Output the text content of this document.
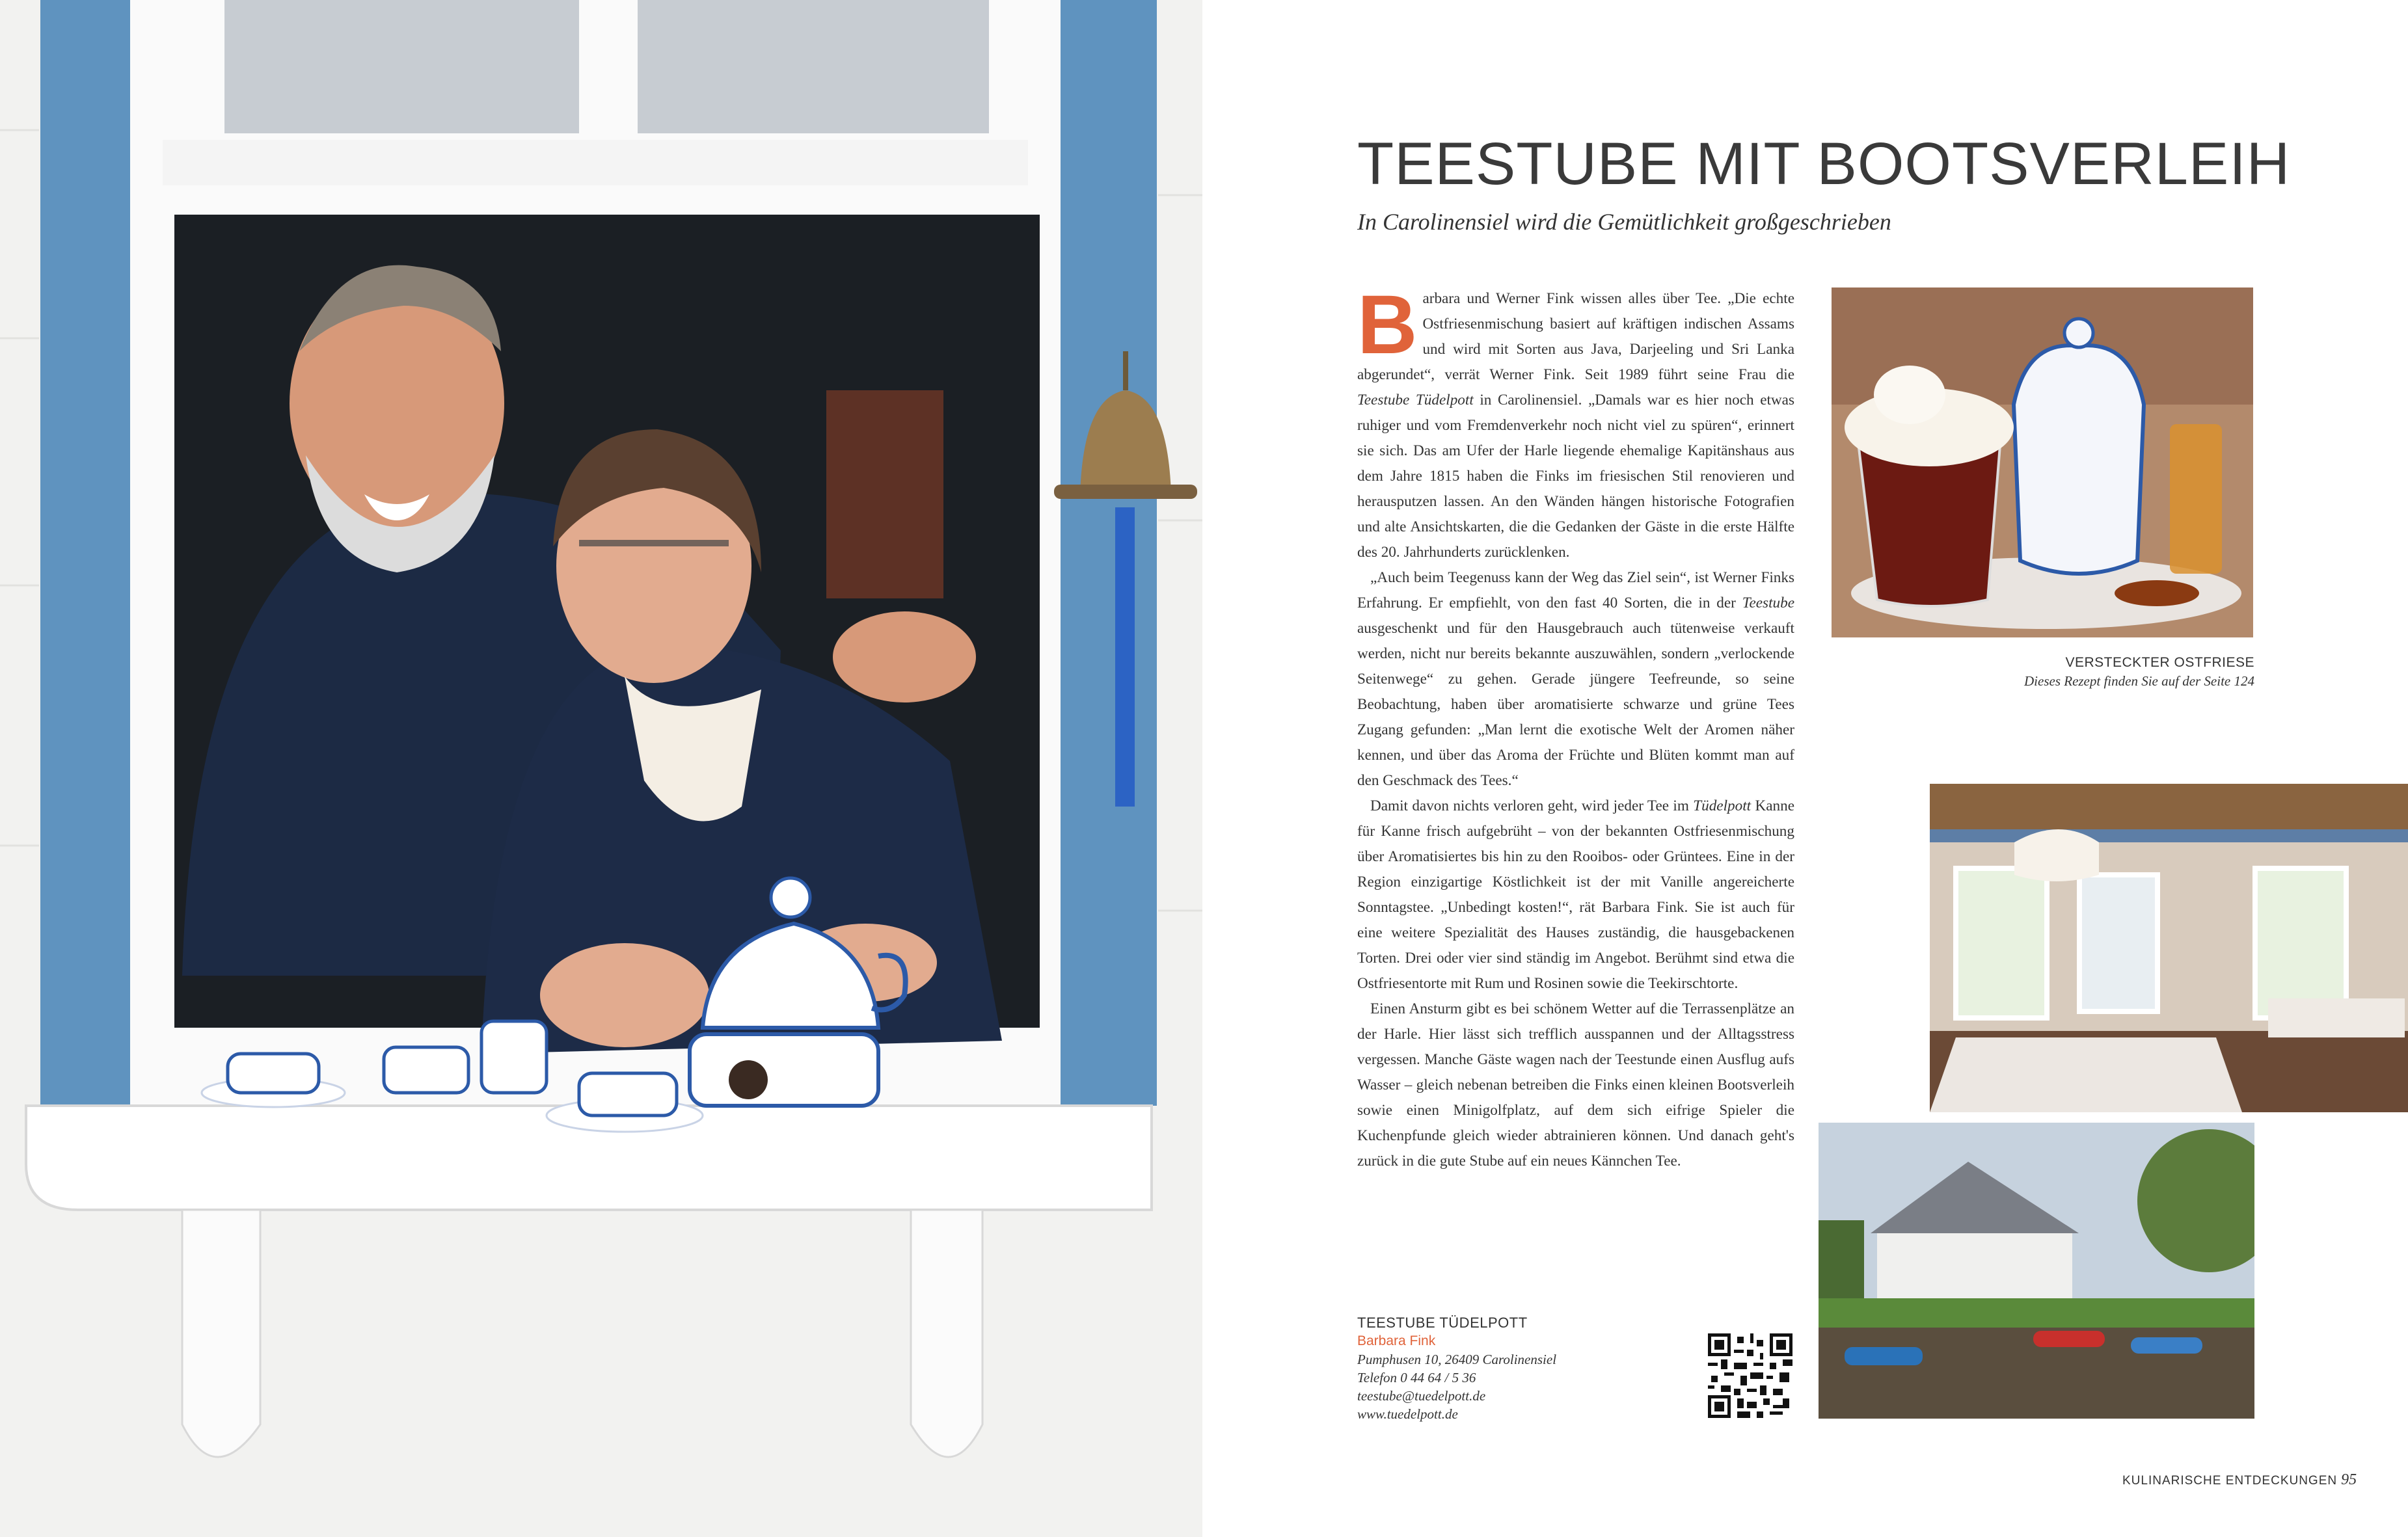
TEESTUBE MIT BOOTSVERLEIH
In Carolinensiel wird die Gemütlichkeit großgeschrieben

Barbara und Werner Fink wissen alles über Tee. „Die echte Ostfriesenmischung basiert auf kräftigen indischen Assams und wird mit Sorten aus Java, Darjeeling und Sri Lanka abgerundet“, verrät Werner Fink. Seit 1989 führt seine Frau die Teestube Tüdelpott in Carolinensiel. „Damals war es hier noch etwas ruhiger und vom Fremdenverkehr noch nicht viel zu spüren“, erinnert sie sich. Das am Ufer der Harle liegende ehemalige Kapitänshaus aus dem Jahre 1815 haben die Finks im friesischen Stil renovieren und herausputzen lassen. An den Wänden hängen historische Fotografien und alte Ansichtskarten, die die Gedanken der Gäste in die erste Hälfte des 20. Jahrhunderts zurücklenken.

„Auch beim Teegenuss kann der Weg das Ziel sein“, ist Werner Finks Erfahrung. Er empfiehlt, von den fast 40 Sorten, die in der Teestube ausgeschenkt und für den Hausgebrauch auch tütenweise verkauft werden, nicht nur bereits bekannte auszuwählen, sondern „verlockende Seitenwege“ zu gehen. Gerade jüngere Teefreunde, so seine Beobachtung, haben über aromatisierte schwarze und grüne Tees Zugang gefunden: „Man lernt die exotische Welt der Aromen näher kennen, und über das Aroma der Früchte und Blüten kommt man auf den Geschmack des Tees.“

Damit davon nichts verloren geht, wird jeder Tee im Tüdelpott Kanne für Kanne frisch aufgebrüht – von der bekannten Ostfriesenmischung über Aromatisiertes bis hin zu den Rooibos- oder Grüntees. Eine in der Region einzigartige Köstlichkeit ist der mit Vanille angereicherte Sonntagstee. „Unbedingt kosten!“, rät Barbara Fink. Sie ist auch für eine weitere Spezialität des Hauses zuständig, die hausgebackenen Torten. Drei oder vier sind ständig im Angebot. Berühmt sind etwa die Ostfriesentorte mit Rum und Rosinen sowie die Teekirschtorte.

Einen Ansturm gibt es bei schönem Wetter auf die Terrassenplätze an der Harle. Hier lässt sich trefflich ausspannen und der Alltagsstress vergessen. Manche Gäste wagen nach der Teestunde einen Ausflug aufs Wasser – gleich nebenan betreiben die Finks einen kleinen Bootsverleih sowie einen Minigolfplatz, auf dem sich eifrige Spieler die Kuchenpfunde gleich wieder abtrainieren können. Und danach geht's zurück in die gute Stube auf ein neues Kännchen Tee.

VERSTECKTER OSTFRIESE
Dieses Rezept finden Sie auf der Seite 124
TEESTUBE TÜDELPOTT
Barbara Fink
Pumphusen 10, 26409 Carolinensiel
Telefon 0 44 64 / 5 36
teestube@tuedelpott.de
www.tuedelpott.de
KULINARISCHE ENTDECKUNGEN 95
